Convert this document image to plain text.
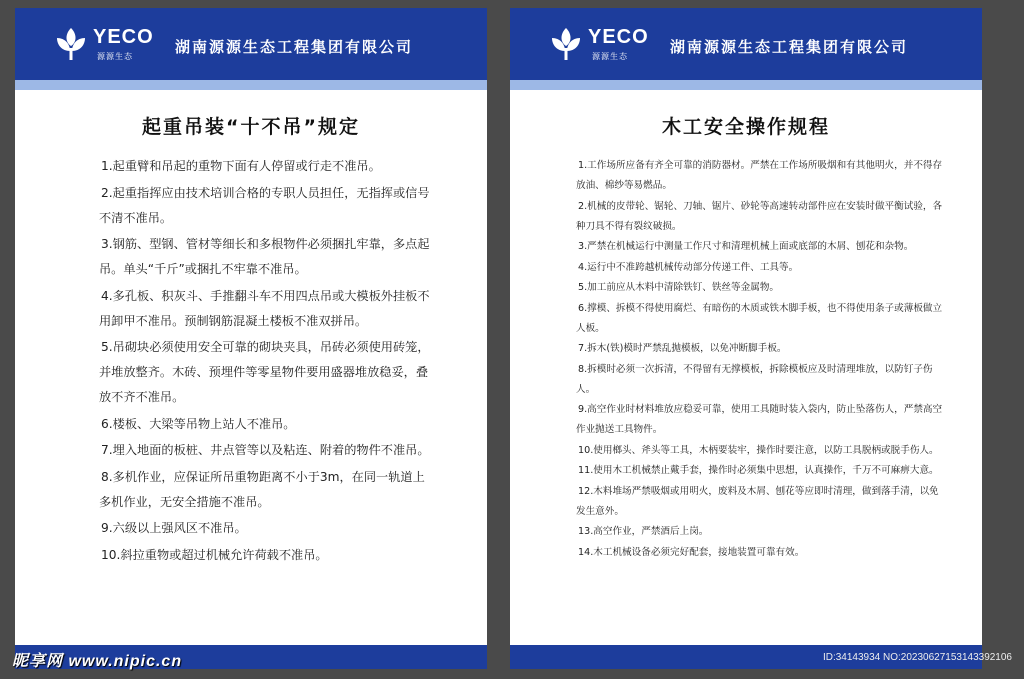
YECO
源源生态
湖南源源生态工程集团有限公司
起重吊装“十不吊”规定
1.起重臂和吊起的重物下面有人停留或行走不准吊。
2.起重指挥应由技术培训合格的专职人员担任，无指挥或信号不清不准吊。
3.钢筋、型钢、管材等细长和多根物件必须捆扎牢靠，多点起吊。单头“千斤”或捆扎不牢靠不准吊。
4.多孔板、积灰斗、手推翻斗车不用四点吊或大模板外挂板不用卸甲不准吊。预制钢筋混凝土楼板不准双拼吊。
5.吊砌块必须使用安全可靠的砌块夹具，吊砖必须使用砖笼，并堆放整齐。木砖、预埋件等零星物件要用盛器堆放稳妥，叠放不齐不准吊。
6.楼板、大梁等吊物上站人不准吊。
7.埋入地面的板桩、井点管等以及粘连、附着的物件不准吊。
8.多机作业，应保证所吊重物距离不小于3m，在同一轨道上多机作业，无安全措施不准吊。
9.六级以上强风区不准吊。
10.斜拉重物或超过机械允许荷载不准吊。
YECO
源源生态
湖南源源生态工程集团有限公司
木工安全操作规程
1.工作场所应备有齐全可靠的消防器材。严禁在工作场所吸烟和有其他明火，并不得存放油、棉纱等易燃品。
2.机械的皮带轮、锯轮、刀轴、锯片、砂轮等高速转动部件应在安装时做平衡试验，各种刀具不得有裂纹破损。
3.严禁在机械运行中测量工作尺寸和清理机械上面或底部的木屑、刨花和杂物。
4.运行中不准跨越机械传动部分传递工件、工具等。
5.加工前应从木料中清除铁钉、铁丝等金属物。
6.撑模、拆模不得使用腐烂、有暗伤的木质或铁木脚手板，也不得使用条子或薄板做立人板。
7.拆木(铁)模时严禁乱抛模板，以免冲断脚手板。
8.拆模时必须一次拆清，不得留有无撑模板，拆除模板应及时清理堆放，以防钉子伤人。
9.高空作业时材料堆放应稳妥可靠，使用工具随时装入袋内，防止坠落伤人，严禁高空作业抛送工具物件。
10.使用榔头、斧头等工具，木柄要装牢，操作时要注意，以防工具脱柄或脱手伤人。
11.使用木工机械禁止戴手套，操作时必须集中思想，认真操作，千万不可麻痹大意。
12.木料堆场严禁吸烟或用明火，废料及木屑、刨花等应即时清理，做到落手清，以免发生意外。
13.高空作业，严禁酒后上岗。
14.木工机械设备必须完好配套，接地装置可靠有效。
昵享网 www.nipic.cn	ID:34143934 NO:20230627153143392106
